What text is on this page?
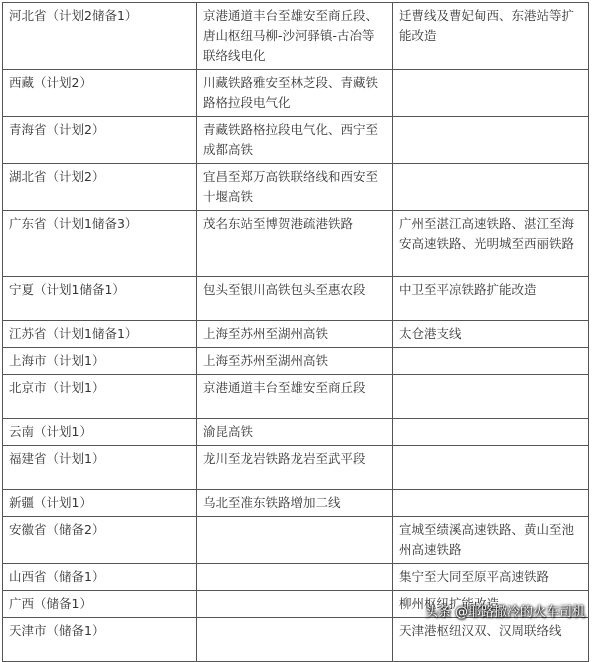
河北省（计划2储备1）	京港通道丰台至雄安至商丘段、唐山枢纽马柳-沙河驿镇-古冶等联络线电化	迁曹线及曹妃甸西、东港站等扩能改造
西藏（计划2）	川藏铁路雅安至林芝段、青藏铁路格拉段电气化	
青海省（计划2）	青藏铁路格拉段电气化、西宁至成都高铁	
湖北省（计划2）	宜昌至郑万高铁联络线和西安至十堰高铁	
广东省（计划1储备3）	茂名东站至博贺港疏港铁路	广州至湛江高速铁路、湛江至海安高速铁路、光明城至西丽铁路
宁夏（计划1储备1）	包头至银川高铁包头至惠农段	中卫至平凉铁路扩能改造
江苏省（计划1储备1）	上海至苏州至湖州高铁	太仓港支线
上海市（计划1）	上海至苏州至湖州高铁	
北京市（计划1）	京港通道丰台至雄安至商丘段	
云南（计划1）	渝昆高铁	
福建省（计划1）	龙川至龙岩铁路龙岩至武平段	
新疆（计划1）	乌北至准东铁路增加二线	
安徽省（储备2）		宣城至绩溪高速铁路、黄山至池州高速铁路
山西省（储备1）		集宁至大同至原平高速铁路
广西（储备1）		柳州枢纽扩能改造
天津市（储备1）		天津港枢纽汉双、汉周联络线
头条 @耶路撒冷的火车司机
